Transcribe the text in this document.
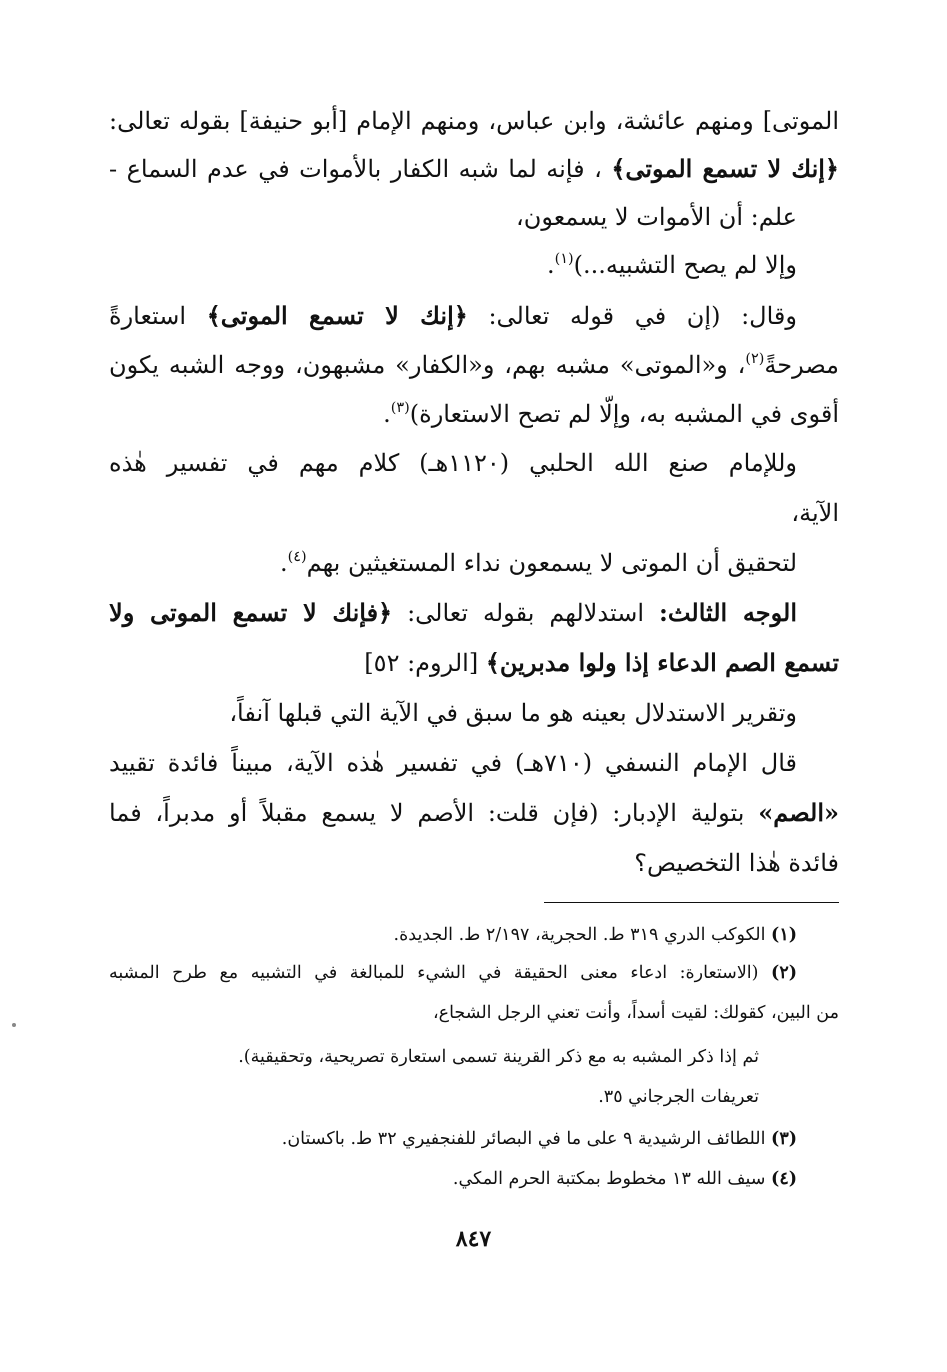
الموتى] ومنهم عائشة، وابن عباس، ومنهم الإمام [أبو حنيفة] بقوله تعالى:
﴿إنك لا تسمع الموتى﴾ ، فإنه لما شبه الكفار بالأموات في عدم السماع -
علم: أن الأموات لا يسمعون،
وإلا لم يصح التشبيه...)$^{(١)}$.
وقال: (إن في قوله تعالى: ﴿إنك لا تسمع الموتى﴾ استعارةً
مصرحةً$^{(٢)}$، و«الموتى» مشبه بهم، و«الكفار» مشبهون، ووجه الشبه يكون
أقوى في المشبه به، وإلّا لم تصح الاستعارة)$^{(٣)}$.
وللإمام صنع الله الحلبي (١١٢٠هـ) كلام مهم في تفسير هٰذه
الآية،
لتحقيق أن الموتى لا يسمعون نداء المستغيثين بهم$^{(٤)}$.
الوجه الثالث: استدلالهم بقوله تعالى: ﴿فإنك لا تسمع الموتى ولا
تسمع الصم الدعاء إذا ولوا مدبرين﴾ [الروم: ٥٢]
وتقرير الاستدلال بعينه هو ما سبق في الآية التي قبلها آنفاً،
قال الإمام النسفي (٧١٠هـ) في تفسير هٰذه الآية، مبيناً فائدة تقييد
«الصم» بتولية الإدبار: (فإن قلت: الأصم لا يسمع مقبلاً أو مدبراً، فما
فائدة هٰذا التخصيص؟
(١) الكوكب الدري ٣١٩ ط. الحجرية، ٢/١٩٧ ط. الجديدة.
(٢) (الاستعارة: ادعاء معنى الحقيقة في الشيء للمبالغة في التشبيه مع طرح المشبه
من البين، كقولك: لقيت أسداً، وأنت تعني الرجل الشجاع،
ثم إذا ذكر المشبه به مع ذكر القرينة تسمى استعارة تصريحية، وتحقيقية).
تعريفات الجرجاني ٣٥.
(٣) اللطائف الرشيدية ٩ على ما في البصائر للفنجفيري ٣٢ ط. باكستان.
(٤) سيف الله ١٣ مخطوط بمكتبة الحرم المكي.
٨٤٧
